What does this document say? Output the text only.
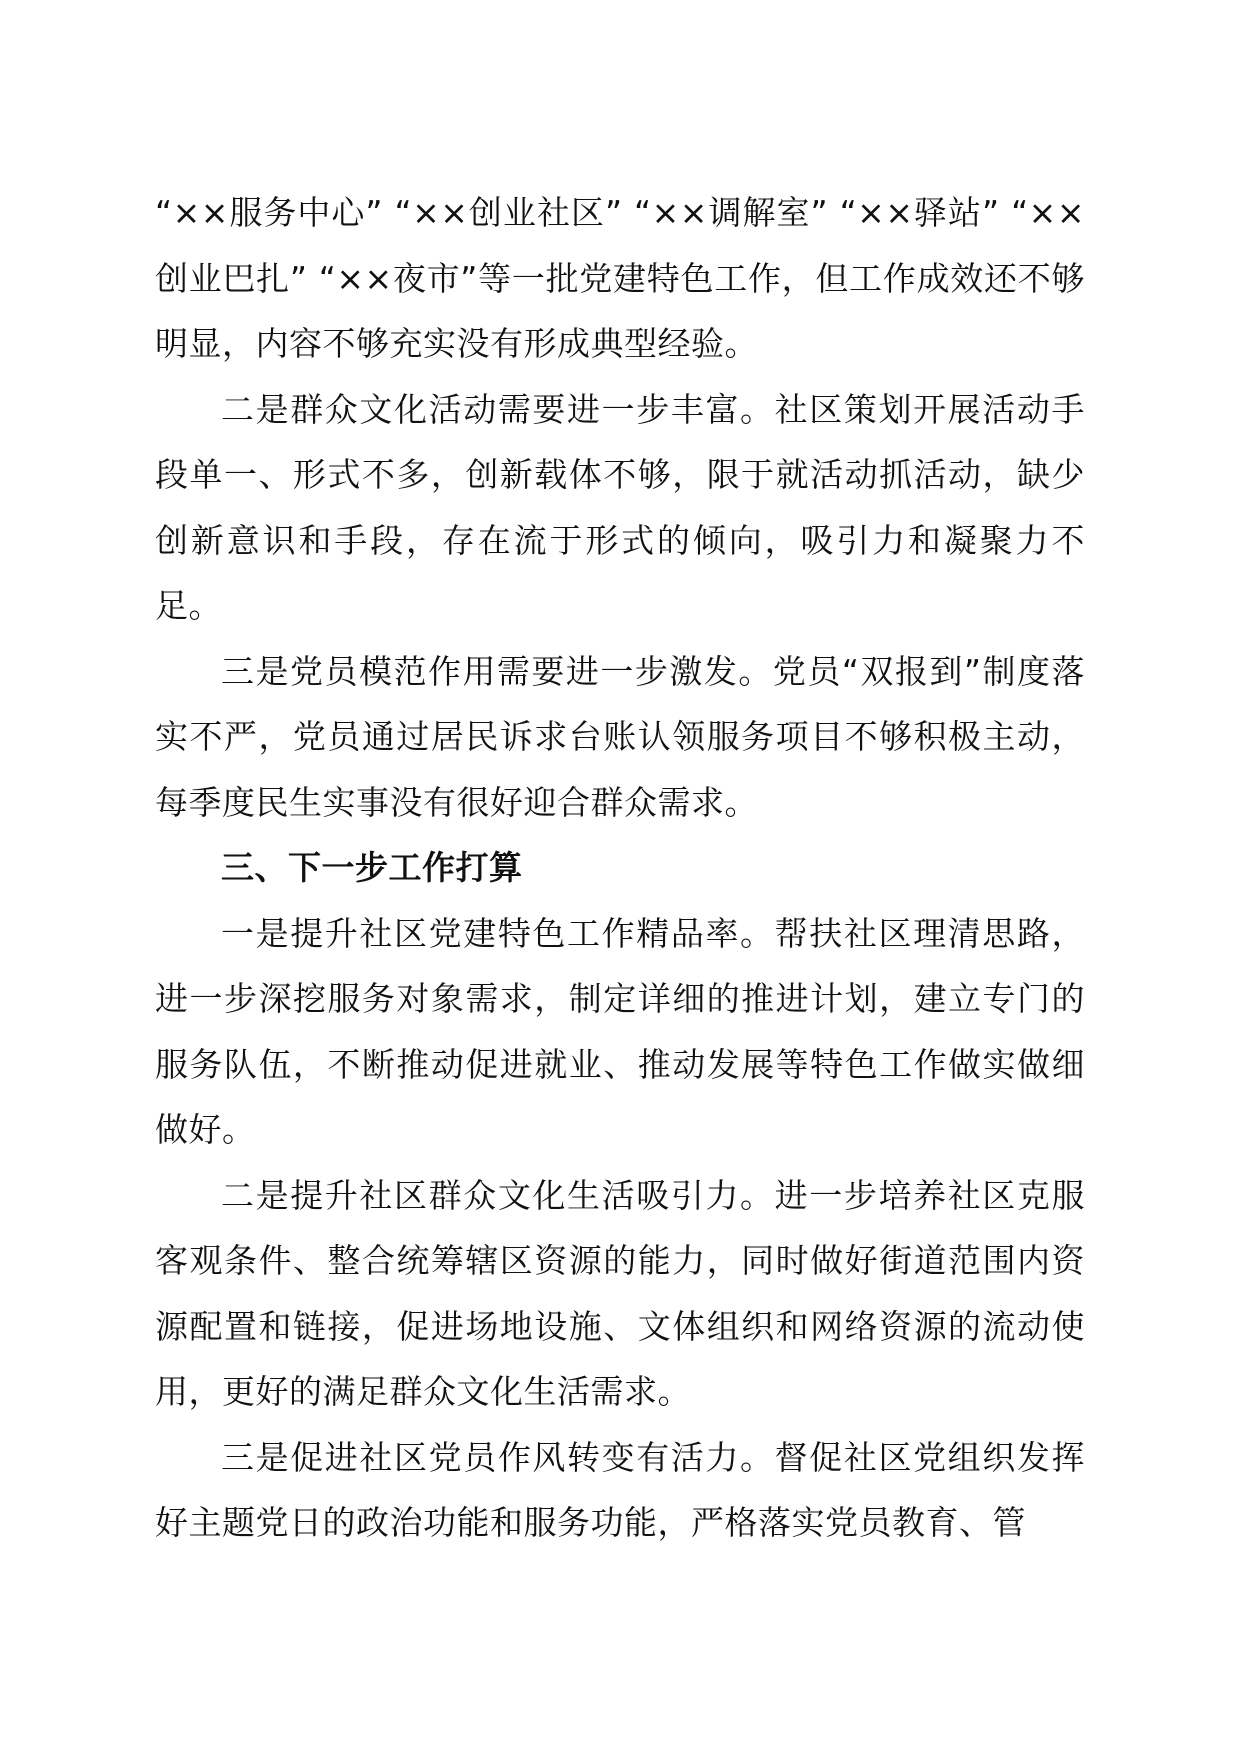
“××服务中心” “××创业社区” “××调解室” “××驿站” “××创业巴扎” “××夜市”等一批党建特色工作，但工作成效还不够明显，内容不够充实没有形成典型经验。

二是群众文化活动需要进一步丰富。社区策划开展活动手段单一、形式不多，创新载体不够，限于就活动抓活动，缺少创新意识和手段，存在流于形式的倾向，吸引力和凝聚力不足。

三是党员模范作用需要进一步激发。党员“双报到”制度落实不严，党员通过居民诉求台账认领服务项目不够积极主动，每季度民生实事没有很好迎合群众需求。

三、下一步工作打算

一是提升社区党建特色工作精品率。帮扶社区理清思路，进一步深挖服务对象需求，制定详细的推进计划，建立专门的服务队伍，不断推动促进就业、推动发展等特色工作做实做细做好。

二是提升社区群众文化生活吸引力。进一步培养社区克服客观条件、整合统筹辖区资源的能力，同时做好街道范围内资源配置和链接，促进场地设施、文体组织和网络资源的流动使用，更好的满足群众文化生活需求。

三是促进社区党员作风转变有活力。督促社区党组织发挥好主题党日的政治功能和服务功能，严格落实党员教育、管
